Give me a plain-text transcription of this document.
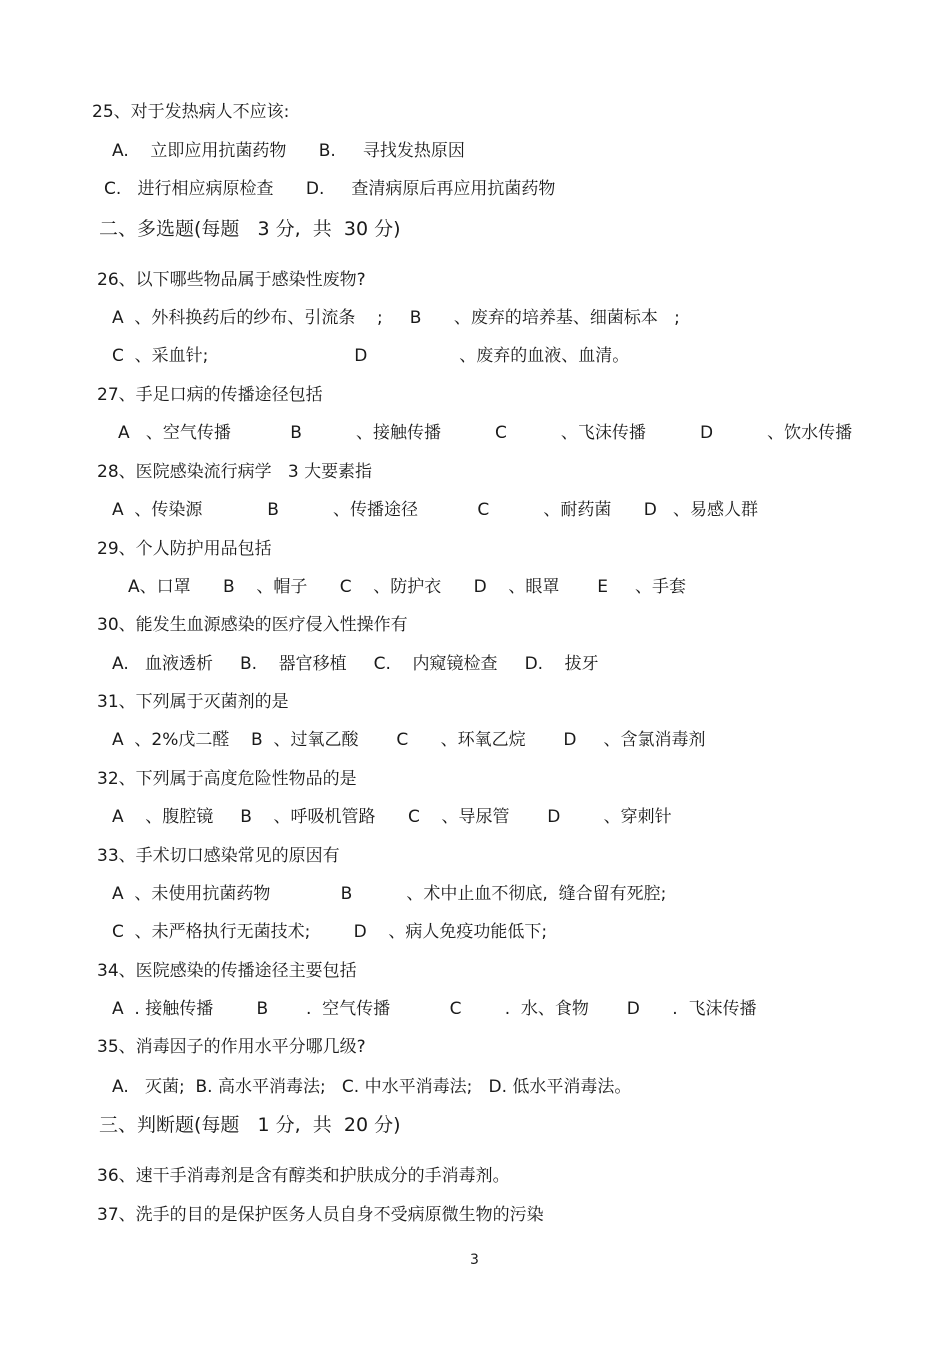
25、对于发热病人不应该:
A.    立即应用抗菌药物      B.     寻找发热原因
C.   进行相应病原检查      D.     查清病原后再应用抗菌药物
二、多选题(每题   3 分,  共  30 分)
26、以下哪些物品属于感染性废物?
A  、外科换药后的纱布、引流条    ;     B      、废弃的培养基、细菌标本   ;
C  、采血针;                           D                 、废弃的血液、血清。
27、手足口病的传播途径包括
A   、空气传播           B          、接触传播          C          、飞沫传播          D          、饮水传播
28、医院感染流行病学   3 大要素指
A  、传染源            B          、传播途径           C          、耐药菌      D   、易感人群
29、个人防护用品包括
A、口罩      B    、帽子      C    、防护衣      D    、眼罩       E     、手套
30、能发生血源感染的医疗侵入性操作有
A.   血液透析     B.    器官移植     C.    内窥镜检查     D.    拔牙
31、下列属于灭菌剂的是
A  、2%戊二醛    B  、过氧乙酸       C      、环氧乙烷       D     、含氯消毒剂
32、下列属于高度危险性物品的是
A    、腹腔镜     B    、呼吸机管路      C    、导尿管       D        、穿刺针
33、手术切口感染常见的原因有
A  、未使用抗菌药物             B          、术中止血不彻底,  缝合留有死腔;
C  、未严格执行无菌技术;        D    、病人免疫功能低下;
34、医院感染的传播途径主要包括
A  . 接触传播        B       .  空气传播           C        .  水、食物       D      .  飞沫传播
35、消毒因子的作用水平分哪几级?
A.   灭菌;  B. 高水平消毒法;   C. 中水平消毒法;   D. 低水平消毒法。
三、判断题(每题   1 分,  共  20 分)
36、速干手消毒剂是含有醇类和护肤成分的手消毒剂。
37、洗手的目的是保护医务人员自身不受病原微生物的污染
3
